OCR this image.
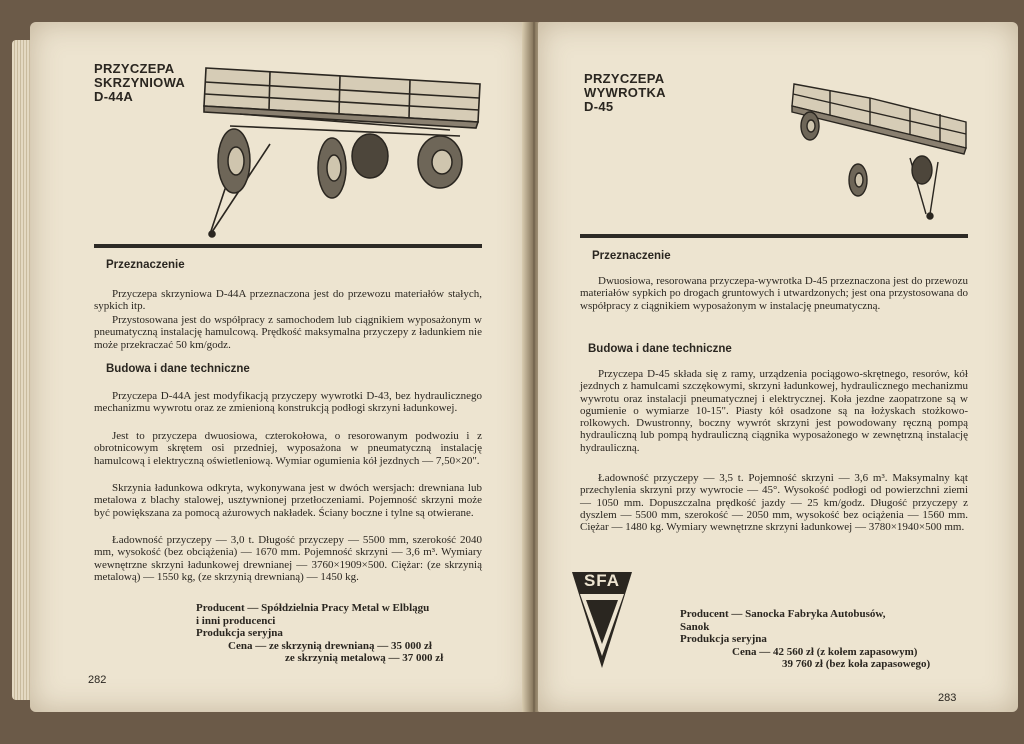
PRZYCZEPA
SKRZYNIOWA
D-44A
Przeznaczenie
Przyczepa skrzyniowa D-44A przeznaczona jest do przewozu materiałów stałych, sypkich itp.
Przystosowana jest do współpracy z samochodem lub ciągnikiem wyposażonym w pneumatyczną instalację hamulcową. Prędkość maksymalna przyczepy z ładunkiem nie może przekraczać 50 km/godz.
Budowa i dane techniczne
Przyczepa D-44A jest modyfikacją przyczepy wywrotki D-43, bez hydraulicznego mechanizmu wywrotu oraz ze zmienioną konstrukcją podłogi skrzyni ładunkowej.
Jest to przyczepa dwuosiowa, czterokołowa, o resorowanym podwoziu i z obrotnicowym skrętem osi przedniej, wyposażona w pneumatyczną instalację hamulcową i elektryczną oświetleniową. Wymiar ogumienia kół jezdnych — 7,50×20".
Skrzynia ładunkowa odkryta, wykonywana jest w dwóch wersjach: drewniana lub metalowa z blachy stalowej, usztywnionej przetłoczeniami. Pojemność skrzyni może być powiększana za pomocą ażurowych nakładek. Ściany boczne i tylne są otwierane.
Ładowność przyczepy — 3,0 t. Długość przyczepy — 5500 mm, szerokość 2040 mm, wysokość (bez obciążenia) — 1670 mm. Pojemność skrzyni — 3,6 m³. Wymiary wewnętrzne skrzyni ładunkowej drewnianej — 3760×1909×500. Ciężar: (ze skrzynią metalową) — 1550 kg, (ze skrzynią drewnianą) — 1450 kg.
Producent — Spółdzielnia Pracy Metal w Elblągu
i inni producenci
Produkcja seryjna
Cena — ze skrzynią drewnianą — 35 000 zł
ze skrzynią metalową — 37 000 zł
282
PRZYCZEPA
WYWROTKA
D-45
Przeznaczenie
Dwuosiowa, resorowana przyczepa-wywrotka D-45 przeznaczona jest do przewozu materiałów sypkich po drogach gruntowych i utwardzonych; jest ona przystosowana do współpracy z ciągnikiem wyposażonym w instalację pneumatyczną.
Budowa i dane techniczne
Przyczepa D-45 składa się z ramy, urządzenia pociągowo-skrętnego, resorów, kół jezdnych z hamulcami szczękowymi, skrzyni ładunkowej, hydraulicznego mechanizmu wywrotu oraz instalacji pneumatycznej i elektrycznej. Koła jezdne zaopatrzone są w ogumienie o wymiarze 10-15". Piasty kół osadzone są na łożyskach stożkowo-rolkowych. Dwustronny, boczny wywrót skrzyni jest powodowany ręczną pompą hydrauliczną lub pompą hydrauliczną ciągnika wyposażonego w zewnętrzną instalację hydrauliczną.
Ładowność przyczepy — 3,5 t. Pojemność skrzyni — 3,6 m³. Maksymalny kąt przechylenia skrzyni przy wywrocie — 45°. Wysokość podłogi od powierzchni ziemi — 1050 mm. Dopuszczalna prędkość jazdy — 25 km/godz. Długość przyczepy z dyszlem — 5500 mm, szerokość — 2050 mm, wysokość bez ociążenia — 1560 mm. Ciężar — 1480 kg. Wymiary wewnętrzne skrzyni ładunkowej — 3780×1940×500 mm.
SFA
Producent — Sanocka Fabryka Autobusów,
Sanok
Produkcja seryjna
Cena — 42 560 zł (z kołem zapasowym)
39 760 zł (bez koła zapasowego)
283
